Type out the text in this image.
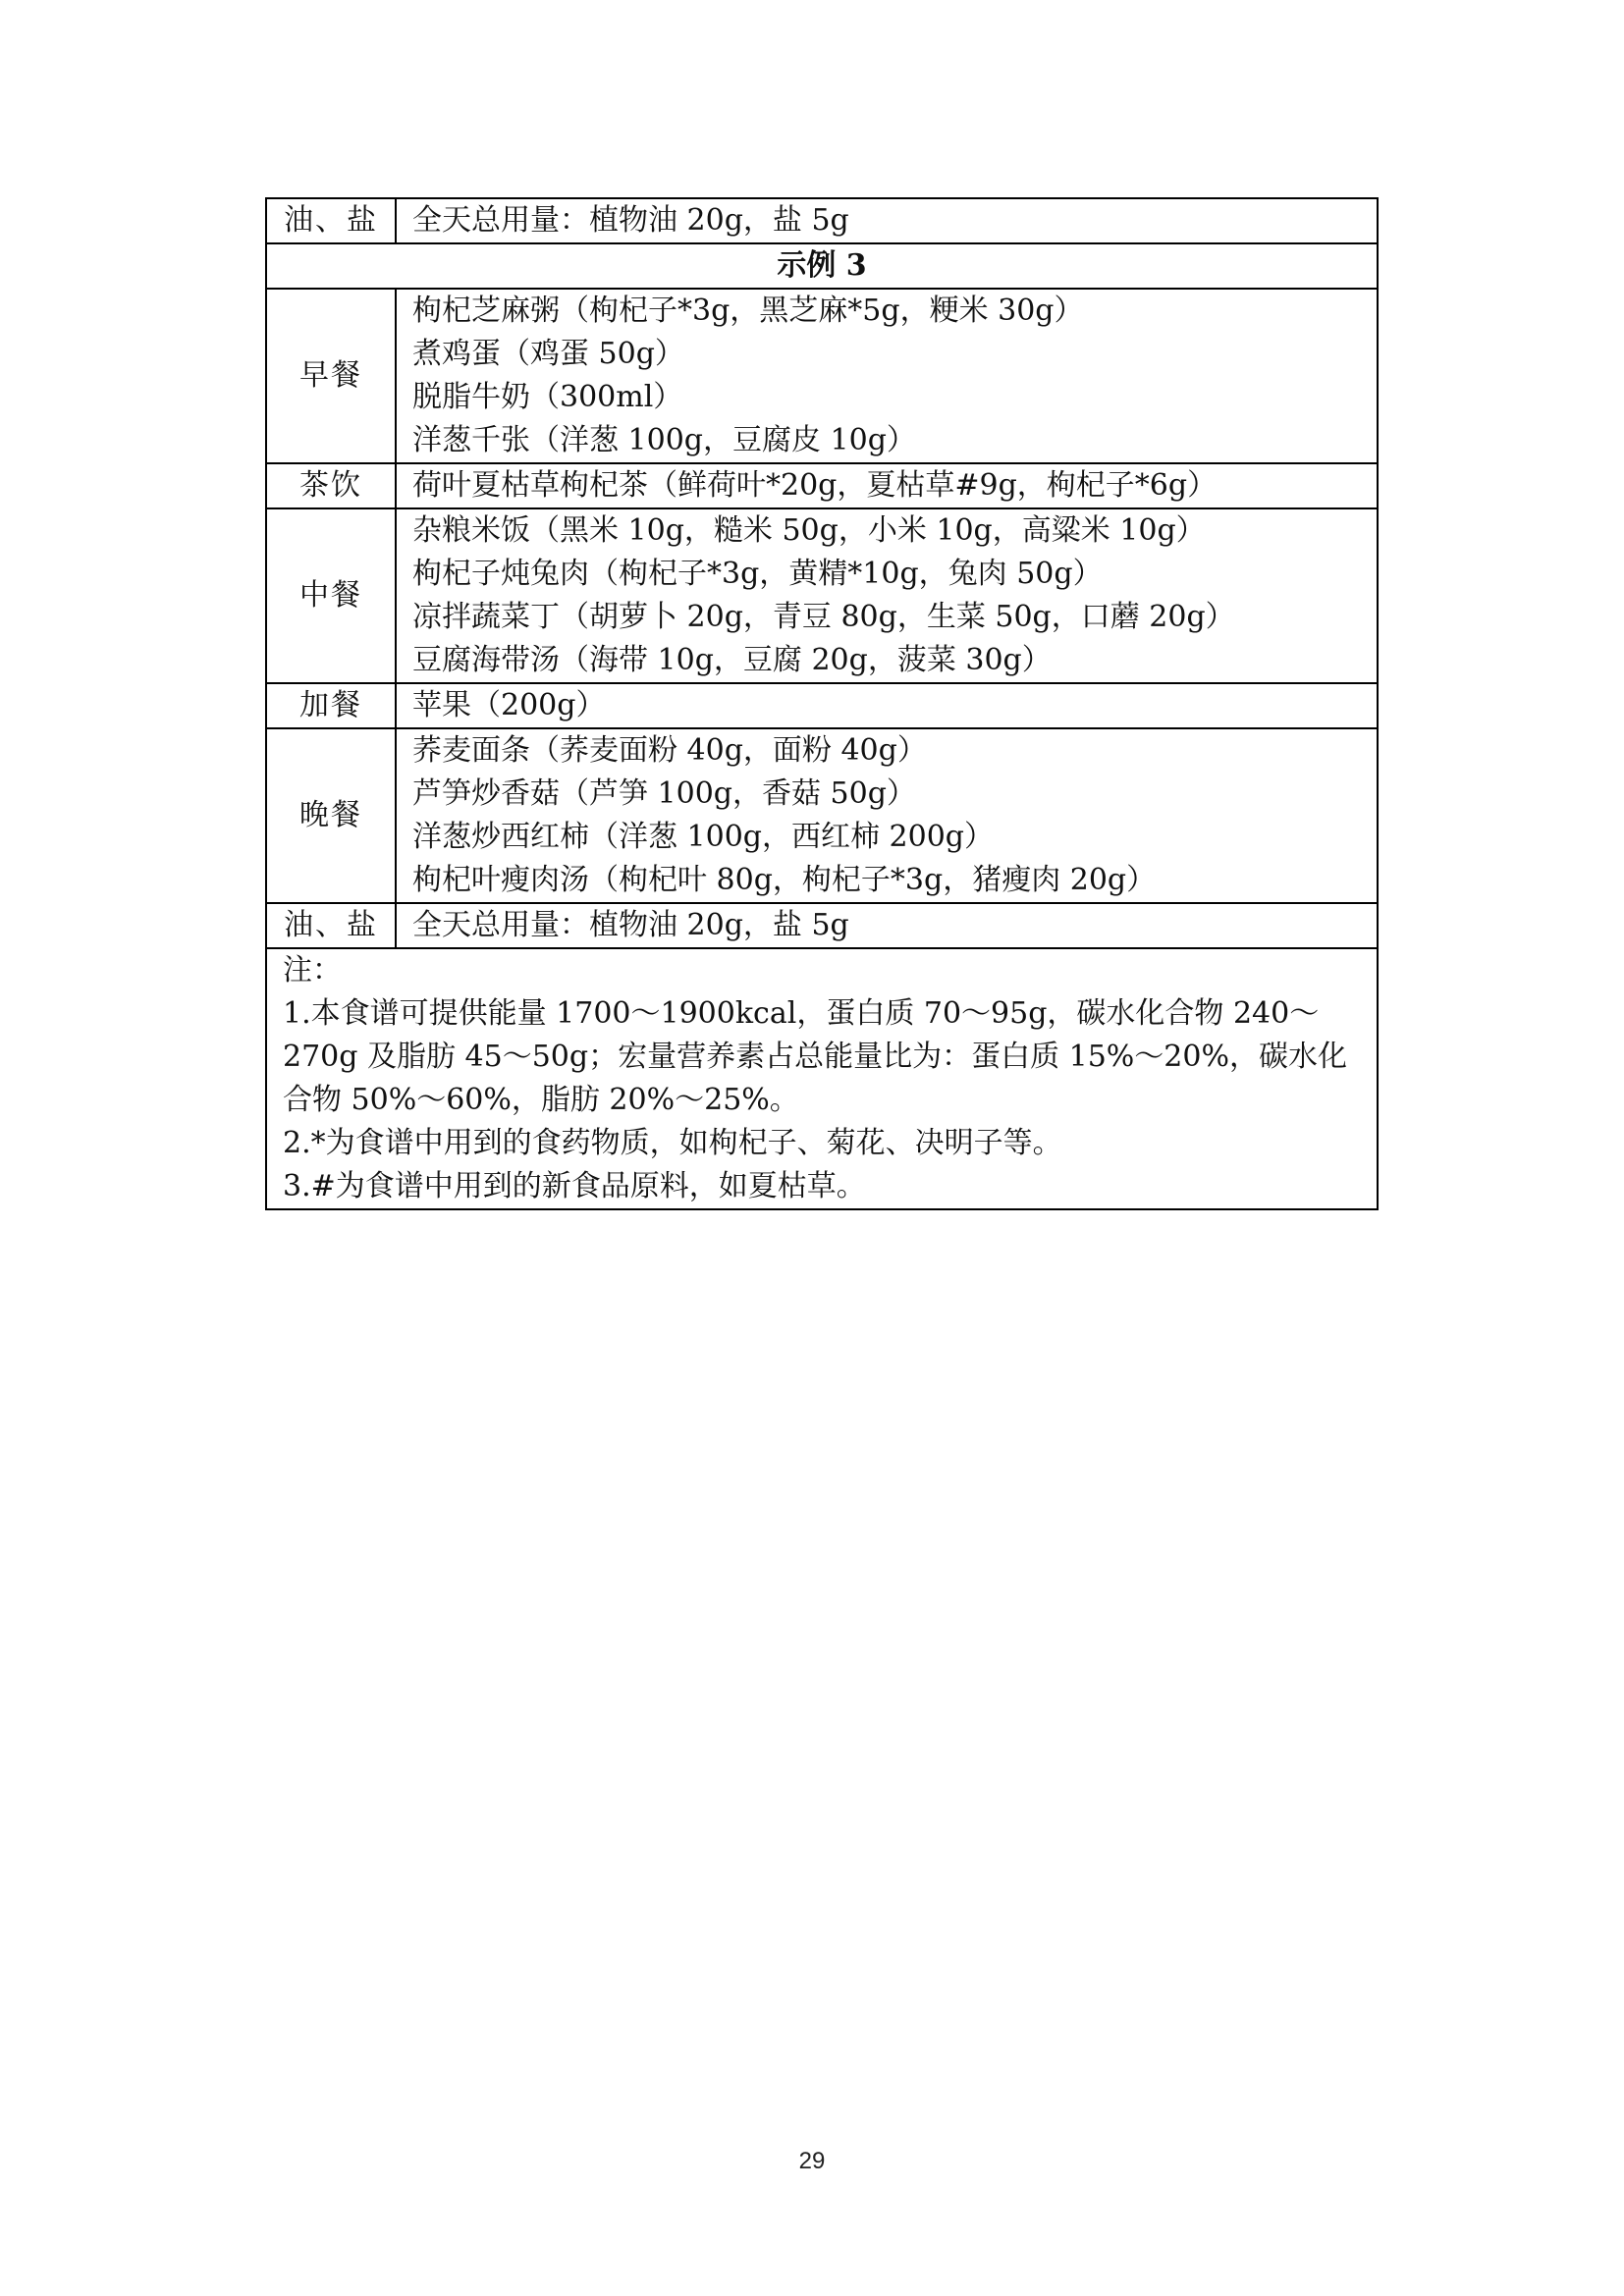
油、盐	全天总用量：植物油 20g，盐 5g

示例 3	
早餐	枸杞芝麻粥（枸杞子*3g，黑芝麻*5g，粳米 30g）
煮鸡蛋（鸡蛋 50g）
脱脂牛奶（300ml）
洋葱千张（洋葱 100g，豆腐皮 10g）

茶饮	荷叶夏枯草枸杞茶（鲜荷叶*20g，夏枯草#9g，枸杞子*6g）

中餐	杂粮米饭（黑米 10g，糙米 50g，小米 10g，高粱米 10g）
枸杞子炖兔肉（枸杞子*3g，黄精*10g，兔肉 50g）
凉拌蔬菜丁（胡萝卜 20g，青豆 80g，生菜 50g，口蘑 20g）
豆腐海带汤（海带 10g，豆腐 20g，菠菜 30g）

加餐	苹果（200g）

晚餐	荞麦面条（荞麦面粉 40g，面粉 40g）
芦笋炒香菇（芦笋 100g，香菇 50g）
洋葱炒西红柿（洋葱 100g，西红柿 200g）
枸杞叶瘦肉汤（枸杞叶 80g，枸杞子*3g，猪瘦肉 20g）

油、盐	全天总用量：植物油 20g，盐 5g

注：
1.本食谱可提供能量 1700～1900kcal，蛋白质 70～95g，碳水化合物 240～270g 及脂肪 45～50g；宏量营养素占总能量比为：蛋白质 15%～20%，碳水化合物 50%～60%，脂肪 20%～25%。
2.*为食谱中用到的食药物质，如枸杞子、菊花、决明子等。
3.#为食谱中用到的新食品原料，如夏枯草。	
29
